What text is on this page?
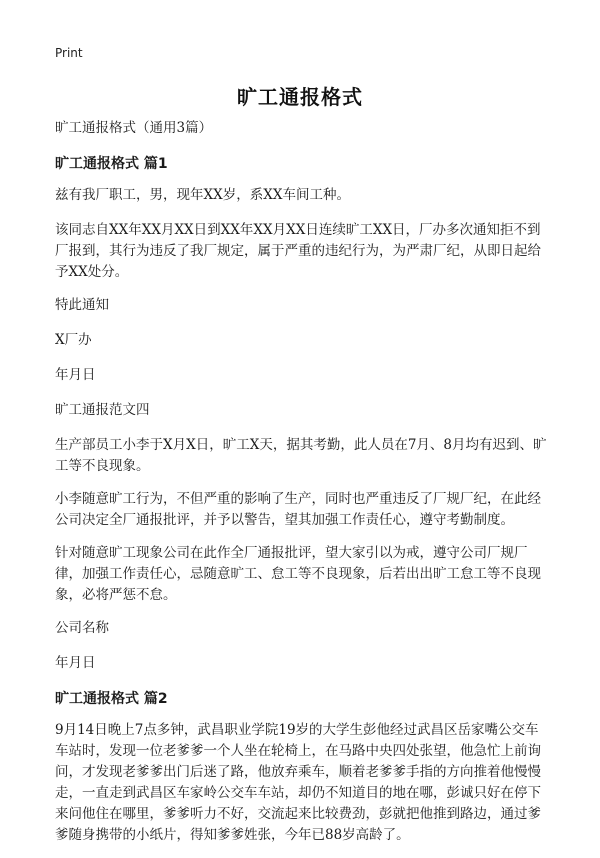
Print
旷工通报格式
旷工通报格式（通用3篇）
旷工通报格式 篇1
兹有我厂职工，男，现年XX岁，系XX车间工种。
该同志自XX年XX月XX日到XX年XX月XX日连续旷工XX日，厂办多次通知拒不到厂报到，其行为违反了我厂规定，属于严重的违纪行为，为严肃厂纪，从即日起给予XX处分。
特此通知
X厂办
年月日
旷工通报范文四
生产部员工小李于X月X日，旷工X天，据其考勤，此人员在7月、8月均有迟到、旷工等不良现象。
小李随意旷工行为，不但严重的影响了生产，同时也严重违反了厂规厂纪，在此经公司决定全厂通报批评，并予以警告，望其加强工作责任心，遵守考勤制度。
针对随意旷工现象公司在此作全厂通报批评，望大家引以为戒，遵守公司厂规厂律，加强工作责任心，忌随意旷工、怠工等不良现象，后若出出旷工怠工等不良现象，必将严惩不怠。
公司名称
年月日
旷工通报格式 篇2
9月14日晚上7点多钟，武昌职业学院19岁的大学生彭他经过武昌区岳家嘴公交车车站时，发现一位老爹爹一个人坐在轮椅上，在马路中央四处张望，他急忙上前询问，才发现老爹爹出门后迷了路，他放弃乘车，顺着老爹爹手指的方向推着他慢慢走，一直走到武昌区车家岭公交车车站，却仍不知道目的地在哪，彭诚只好在停下来问他住在哪里，爹爹听力不好，交流起来比较费劲，彭就把他推到路边，通过爹爹随身携带的小纸片，得知爹爹姓张，今年已88岁高龄了。
